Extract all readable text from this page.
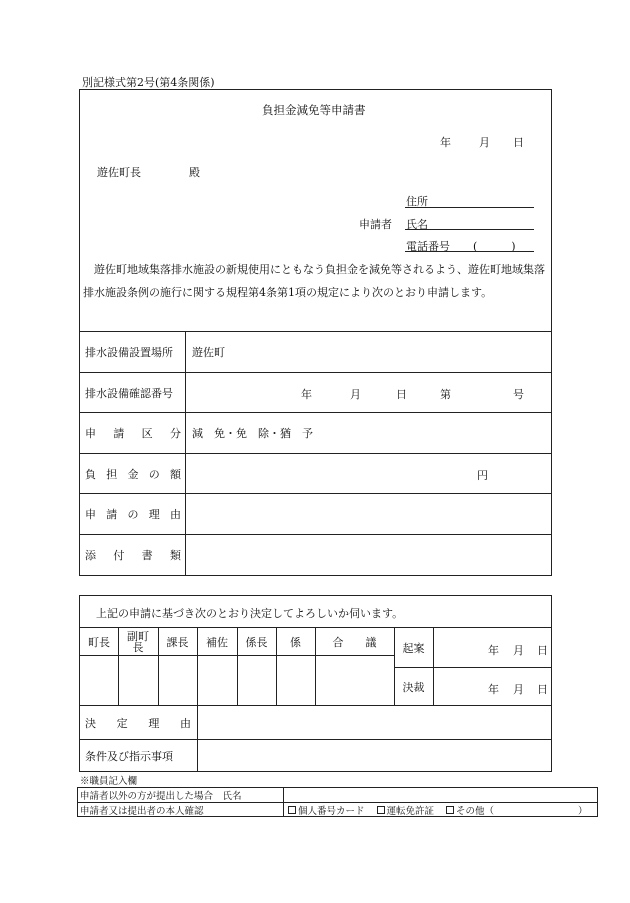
別記様式第2号(第4条関係)
負担金減免等申請書
年	月 日
遊佐町長	殿
住所
申請者 氏名
電話番号 (　　)

遊佐町地域集落排水施設の新規使用にともなう負担金を減免等されるよう、遊佐町地域集落排水施設条例の施行に関する規程第4条第1項の規定により次のとおり申請します。

排水設備設置場所	遊佐町
排水設備確認番号	年	月	日	第	号
申 請 区 分 減　免・免　除・猶　予
負 担 金 の 額	円
申 請 の 理 由
添 付 書 類
上記の申請に基づき次のとおり決定してよろしいか伺います。
町長	副町長	課長	補佐	係長	係	合　　議	起案	年 月 日
決裁	年 月 日
決 定 理 由
条件及び指示事項
※職員記入欄
申請者以外の方が提出した場合　氏名
申請者又は提出者の本人確認	個人番号カード 運転免許証 その他（	）
